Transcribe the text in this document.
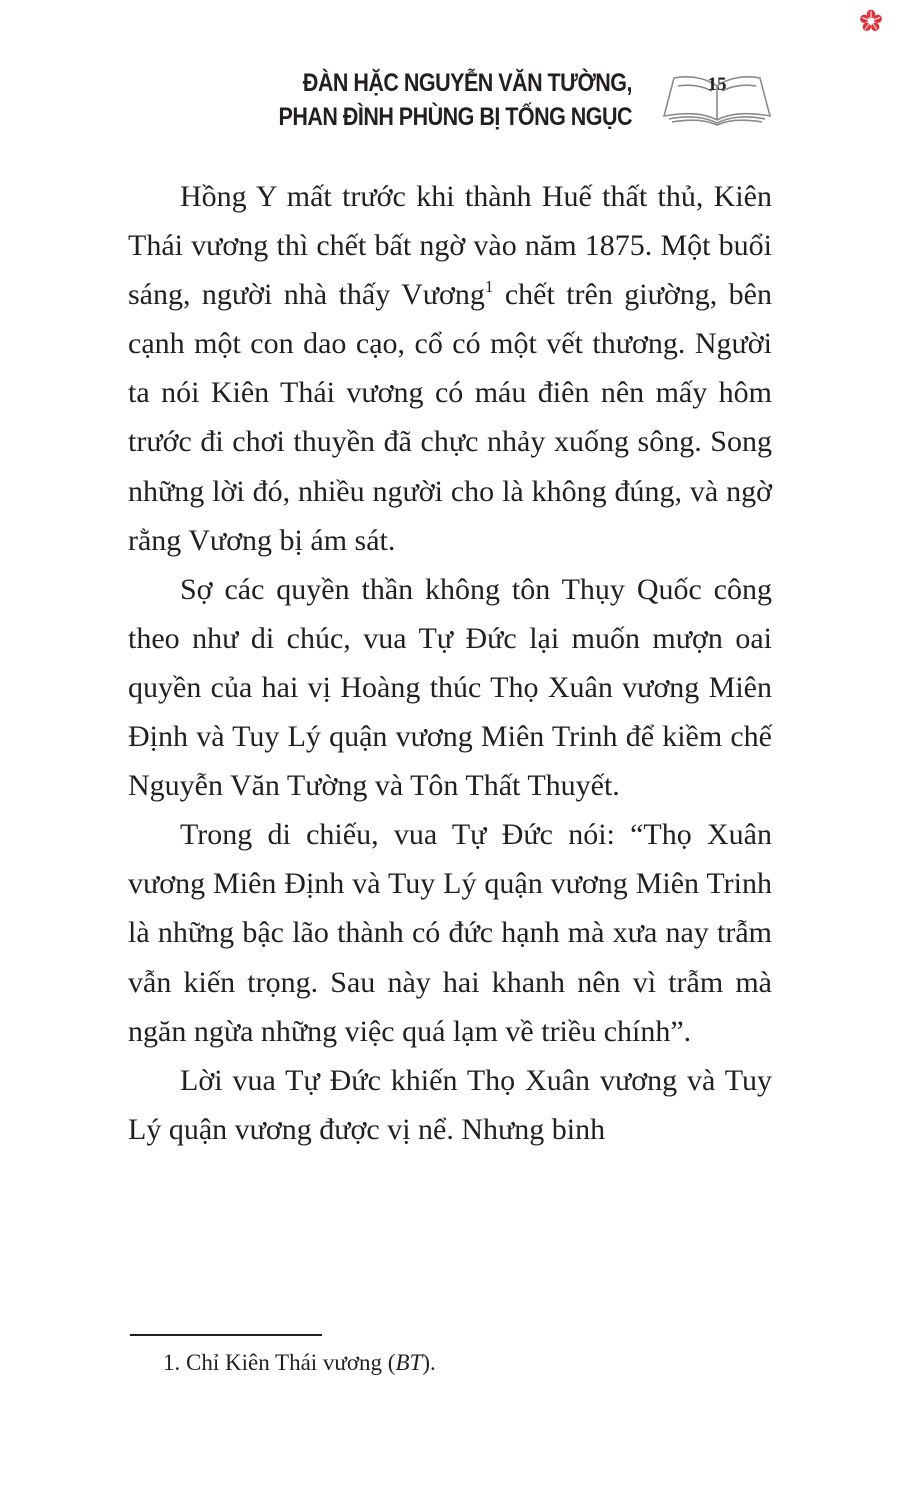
ĐÀN HẶC NGUYỄN VĂN TƯỜNG,
PHAN ĐÌNH PHÙNG BỊ TỐNG NGỤC
15

Hồng Y mất trước khi thành Huế thất thủ, Kiên Thái vương thì chết bất ngờ vào năm 1875. Một buổi sáng, người nhà thấy Vương$^1$ chết trên giường, bên cạnh một con dao cạo, cổ có một vết thương. Người ta nói Kiên Thái vương có máu điên nên mấy hôm trước đi chơi thuyền đã chực nhảy xuống sông. Song những lời đó, nhiều người cho là không đúng, và ngờ rằng Vương bị ám sát.

Sợ các quyền thần không tôn Thụy Quốc công theo như di chúc, vua Tự Đức lại muốn mượn oai quyền của hai vị Hoàng thúc Thọ Xuân vương Miên Định và Tuy Lý quận vương Miên Trinh để kiềm chế Nguyễn Văn Tường và Tôn Thất Thuyết.

Trong di chiếu, vua Tự Đức nói: “Thọ Xuân vương Miên Định và Tuy Lý quận vương Miên Trinh là những bậc lão thành có đức hạnh mà xưa nay trẫm vẫn kiến trọng. Sau này hai khanh nên vì trẫm mà ngăn ngừa những việc quá lạm về triều chính”.

Lời vua Tự Đức khiến Thọ Xuân vương và Tuy Lý quận vương được vị nể. Nhưng binh

1. Chỉ Kiên Thái vương (BT).
